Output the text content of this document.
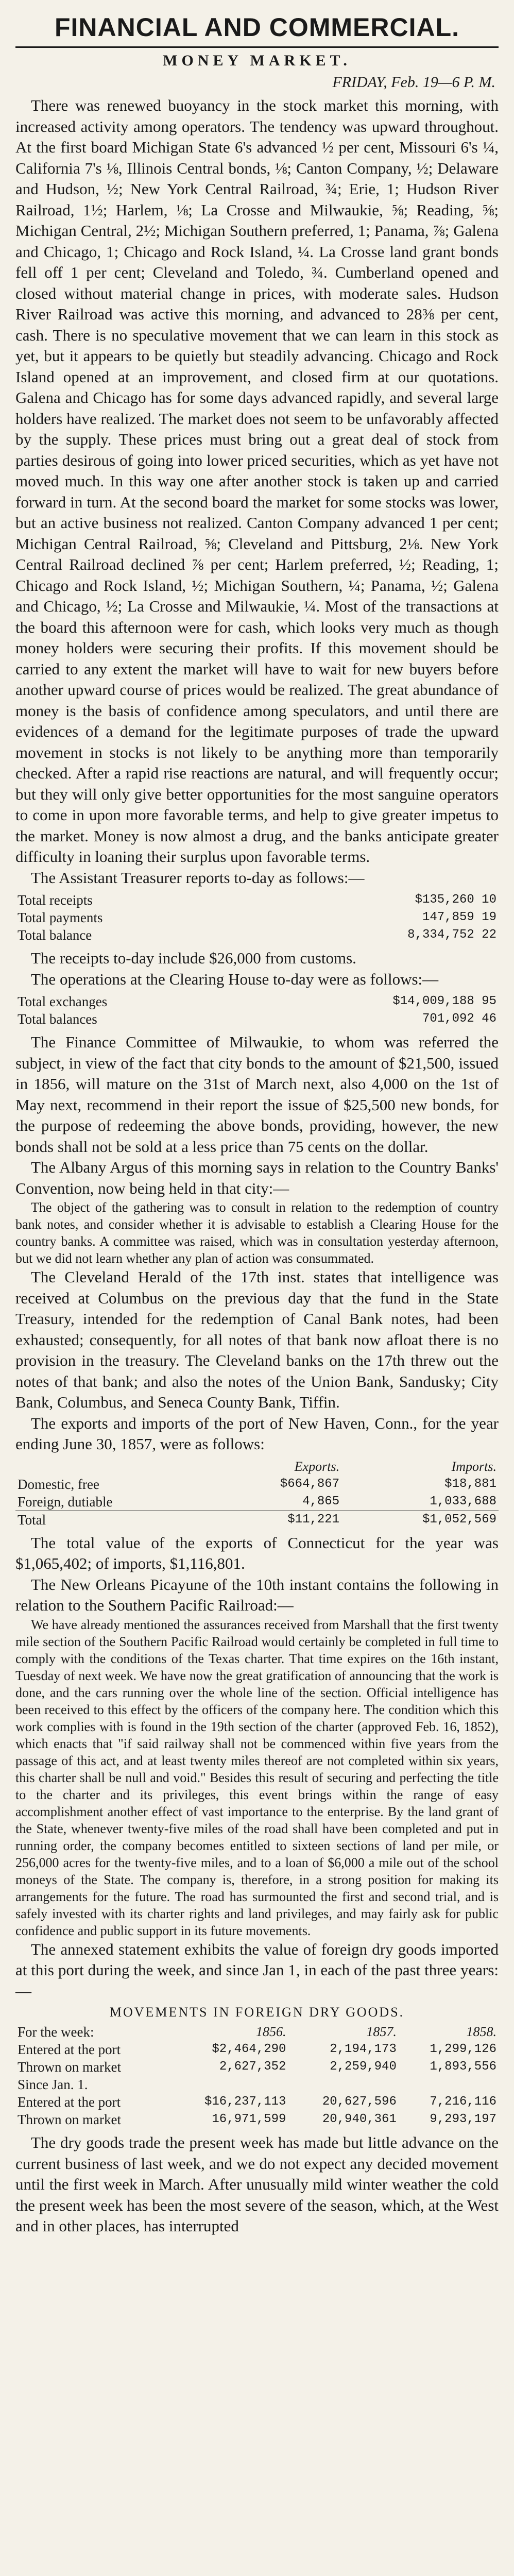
FINANCIAL AND COMMERCIAL.
MONEY MARKET.
FRIDAY, Feb. 19—6 P. M.

There was renewed buoyancy in the stock market this morning, with increased activity among operators. The tendency was upward throughout. At the first board Michigan State 6's advanced ½ per cent, Missouri 6's ¼, California 7's ⅛, Illinois Central bonds, ⅛; Canton Company, ½; Delaware and Hudson, ½; New York Central Railroad, ¾; Erie, 1; Hudson River Railroad, 1½; Harlem, ⅛; La Crosse and Milwaukie, ⅝; Reading, ⅝; Michigan Central, 2½; Michigan Southern preferred, 1; Panama, ⅞; Galena and Chicago, 1; Chicago and Rock Island, ¼. La Crosse land grant bonds fell off 1 per cent; Cleveland and Toledo, ¾. Cumberland opened and closed without material change in prices, with moderate sales. Hudson River Railroad was active this morning, and advanced to 28⅜ per cent, cash. There is no speculative movement that we can learn in this stock as yet, but it appears to be quietly but steadily advancing. Chicago and Rock Island opened at an improvement, and closed firm at our quotations. Galena and Chicago has for some days advanced rapidly, and several large holders have realized. The market does not seem to be unfavorably affected by the supply. These prices must bring out a great deal of stock from parties desirous of going into lower priced securities, which as yet have not moved much. In this way one after another stock is taken up and carried forward in turn. At the second board the market for some stocks was lower, but an active business not realized. Canton Company advanced 1 per cent; Michigan Central Railroad, ⅝; Cleveland and Pittsburg, 2⅛. New York Central Railroad declined ⅞ per cent; Harlem preferred, ½; Reading, 1; Chicago and Rock Island, ½; Michigan Southern, ¼; Panama, ½; Galena and Chicago, ½; La Crosse and Milwaukie, ¼. Most of the transactions at the board this afternoon were for cash, which looks very much as though money holders were securing their profits. If this movement should be carried to any extent the market will have to wait for new buyers before another upward course of prices would be realized. The great abundance of money is the basis of confidence among speculators, and until there are evidences of a demand for the legitimate purposes of trade the upward movement in stocks is not likely to be anything more than temporarily checked. After a rapid rise reactions are natural, and will frequently occur; but they will only give better opportunities for the most sanguine operators to come in upon more favorable terms, and help to give greater impetus to the market. Money is now almost a drug, and the banks anticipate greater difficulty in loaning their surplus upon favorable terms.

The Assistant Treasurer reports to-day as follows:—

Total receipts	$135,260 10
Total payments	147,859 19
Total balance	8,334,752 22

The receipts to-day include $26,000 from customs.

The operations at the Clearing House to-day were as follows:—

Total exchanges	$14,009,188 95
Total balances	701,092 46

The Finance Committee of Milwaukie, to whom was referred the subject, in view of the fact that city bonds to the amount of $21,500, issued in 1856, will mature on the 31st of March next, also 4,000 on the 1st of May next, recommend in their report the issue of $25,500 new bonds, for the purpose of redeeming the above bonds, providing, however, the new bonds shall not be sold at a less price than 75 cents on the dollar.

The Albany Argus of this morning says in relation to the Country Banks' Convention, now being held in that city:—

The object of the gathering was to consult in relation to the redemption of country bank notes, and consider whether it is advisable to establish a Clearing House for the country banks. A committee was raised, which was in consultation yesterday afternoon, but we did not learn whether any plan of action was consummated.

The Cleveland Herald of the 17th inst. states that intelligence was received at Columbus on the previous day that the fund in the State Treasury, intended for the redemption of Canal Bank notes, had been exhausted; consequently, for all notes of that bank now afloat there is no provision in the treasury. The Cleveland banks on the 17th threw out the notes of that bank; and also the notes of the Union Bank, Sandusky; City Bank, Columbus, and Seneca County Bank, Tiffin.

The exports and imports of the port of New Haven, Conn., for the year ending June 30, 1857, were as follows:

	Exports.	Imports.
Domestic, free	$664,867	$18,881
Foreign, dutiable	4,865	1,033,688
Total	$11,221	$1,052,569

The total value of the exports of Connecticut for the year was $1,065,402; of imports, $1,116,801.

The New Orleans Picayune of the 10th instant contains the following in relation to the Southern Pacific Railroad:—

We have already mentioned the assurances received from Marshall that the first twenty mile section of the Southern Pacific Railroad would certainly be completed in full time to comply with the conditions of the Texas charter. That time expires on the 16th instant, Tuesday of next week. We have now the great gratification of announcing that the work is done, and the cars running over the whole line of the section. Official intelligence has been received to this effect by the officers of the company here. The condition which this work complies with is found in the 19th section of the charter (approved Feb. 16, 1852), which enacts that "if said railway shall not be commenced within five years from the passage of this act, and at least twenty miles thereof are not completed within six years, this charter shall be null and void." Besides this result of securing and perfecting the title to the charter and its privileges, this event brings within the range of easy accomplishment another effect of vast importance to the enterprise. By the land grant of the State, whenever twenty-five miles of the road shall have been completed and put in running order, the company becomes entitled to sixteen sections of land per mile, or 256,000 acres for the twenty-five miles, and to a loan of $6,000 a mile out of the school moneys of the State. The company is, therefore, in a strong position for making its arrangements for the future. The road has surmounted the first and second trial, and is safely invested with its charter rights and land privileges, and may fairly ask for public confidence and public support in its future movements.

The annexed statement exhibits the value of foreign dry goods imported at this port during the week, and since Jan 1, in each of the past three years:—

MOVEMENTS IN FOREIGN DRY GOODS.
For the week:	1856.	1857.	1858.
Entered at the port	$2,464,290	2,194,173	1,299,126
Thrown on market	2,627,352	2,259,940	1,893,556
Since Jan. 1.			
Entered at the port	$16,237,113	20,627,596	7,216,116
Thrown on market	16,971,599	20,940,361	9,293,197

The dry goods trade the present week has made but little advance on the current business of last week, and we do not expect any decided movement until the first week in March. After unusually mild winter weather the cold the present week has been the most severe of the season, which, at the West and in other places, has interrupted
